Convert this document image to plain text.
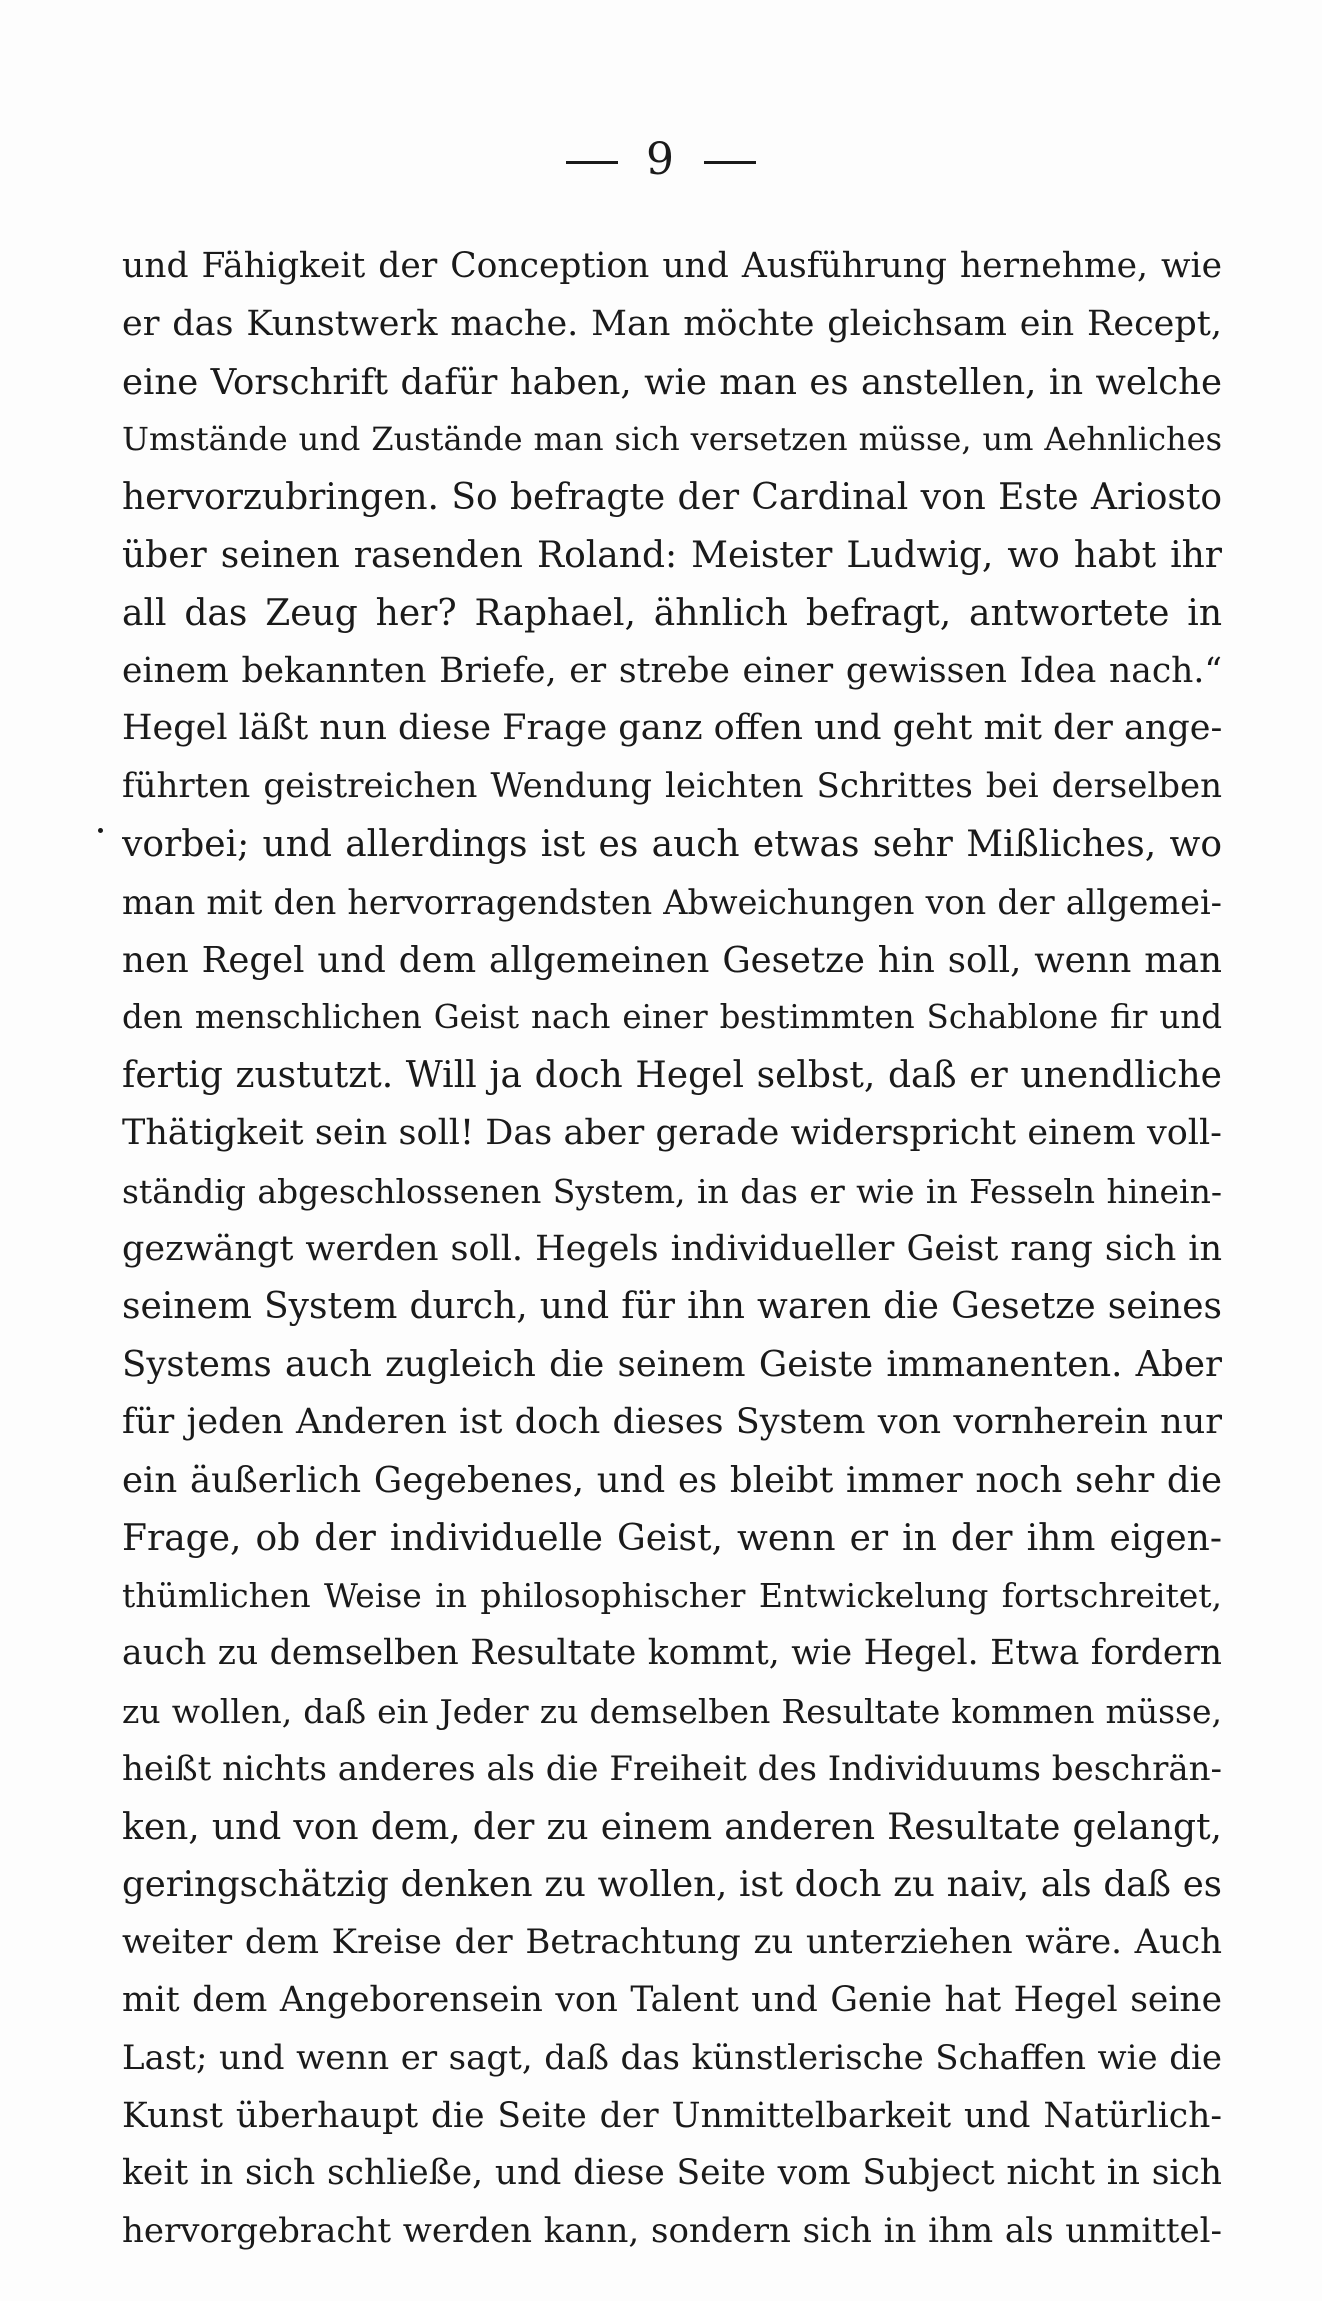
9
und Fähigkeit der Conception und Ausführung hernehme, wie
er das Kunstwerk mache. Man möchte gleichsam ein Recept,
eine Vorschrift dafür haben, wie man es anstellen, in welche
Umstände und Zustände man sich versetzen müsse, um Aehnliches
hervorzubringen. So befragte der Cardinal von Este Ariosto
über seinen rasenden Roland: Meister Ludwig, wo habt ihr
all das Zeug her? Raphael, ähnlich befragt, antwortete in
einem bekannten Briefe, er strebe einer gewissen Idea nach.“
Hegel läßt nun diese Frage ganz offen und geht mit der ange-
führten geistreichen Wendung leichten Schrittes bei derselben
vorbei; und allerdings ist es auch etwas sehr Mißliches, wo
man mit den hervorragendsten Abweichungen von der allgemei-
nen Regel und dem allgemeinen Gesetze hin soll, wenn man
den menschlichen Geist nach einer bestimmten Schablone fir und
fertig zustutzt. Will ja doch Hegel selbst, daß er unendliche
Thätigkeit sein soll! Das aber gerade widerspricht einem voll-
ständig abgeschlossenen System, in das er wie in Fesseln hinein-
gezwängt werden soll. Hegels individueller Geist rang sich in
seinem System durch, und für ihn waren die Gesetze seines
Systems auch zugleich die seinem Geiste immanenten. Aber
für jeden Anderen ist doch dieses System von vornherein nur
ein äußerlich Gegebenes, und es bleibt immer noch sehr die
Frage, ob der individuelle Geist, wenn er in der ihm eigen-
thümlichen Weise in philosophischer Entwickelung fortschreitet,
auch zu demselben Resultate kommt, wie Hegel. Etwa fordern
zu wollen, daß ein Jeder zu demselben Resultate kommen müsse,
heißt nichts anderes als die Freiheit des Individuums beschrän-
ken, und von dem, der zu einem anderen Resultate gelangt,
geringschätzig denken zu wollen, ist doch zu naiv, als daß es
weiter dem Kreise der Betrachtung zu unterziehen wäre. Auch
mit dem Angeborensein von Talent und Genie hat Hegel seine
Last; und wenn er sagt, daß das künstlerische Schaffen wie die
Kunst überhaupt die Seite der Unmittelbarkeit und Natürlich-
keit in sich schließe, und diese Seite vom Subject nicht in sich
hervorgebracht werden kann, sondern sich in ihm als unmittel-
